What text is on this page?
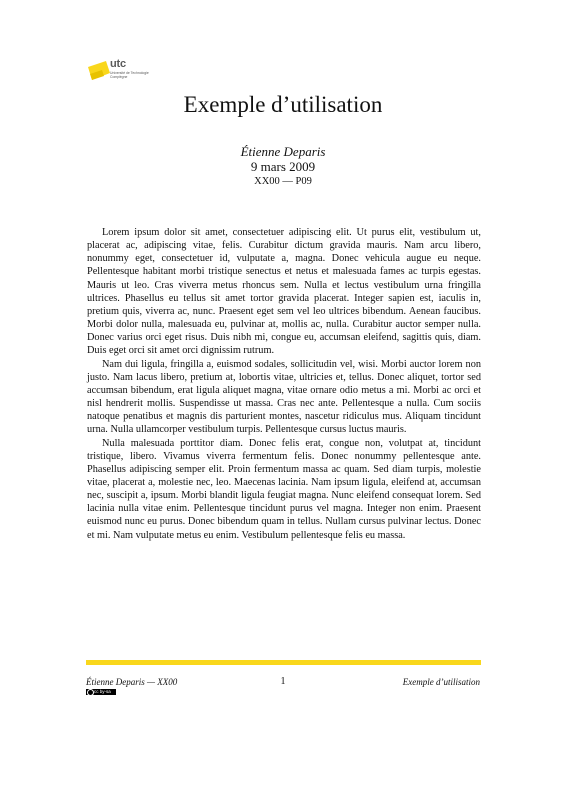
utc
Université de Technologie Compiègne
Exemple d’utilisation
Étienne Deparis
9 mars 2009
XX00 — P09

Lorem ipsum dolor sit amet, consectetuer adipiscing elit. Ut purus elit, vestibulum ut, placerat ac, adipiscing vitae, felis. Curabitur dictum gravida mauris. Nam arcu libero, nonummy eget, consectetuer id, vulputate a, magna. Donec vehicula augue eu neque. Pellentesque habitant morbi tristique senectus et netus et malesuada fames ac turpis egestas. Mauris ut leo. Cras viverra metus rhoncus sem. Nulla et lectus vestibulum urna fringilla ultrices. Phasellus eu tellus sit amet tortor gravida placerat. Integer sapien est, iaculis in, pretium quis, viverra ac, nunc. Praesent eget sem vel leo ultrices bibendum. Aenean faucibus. Morbi dolor nulla, malesuada eu, pulvinar at, mollis ac, nulla. Curabitur auctor semper nulla. Donec varius orci eget risus. Duis nibh mi, congue eu, accumsan eleifend, sagittis quis, diam. Duis eget orci sit amet orci dignissim rutrum.

Nam dui ligula, fringilla a, euismod sodales, sollicitudin vel, wisi. Morbi auctor lorem non justo. Nam lacus libero, pretium at, lobortis vitae, ultricies et, tellus. Donec aliquet, tortor sed accumsan bibendum, erat ligula aliquet magna, vitae ornare odio metus a mi. Morbi ac orci et nisl hendrerit mollis. Suspendisse ut massa. Cras nec ante. Pellentesque a nulla. Cum sociis natoque penatibus et magnis dis parturient montes, nascetur ridiculus mus. Aliquam tincidunt urna. Nulla ullamcorper vestibulum turpis. Pellentesque cursus luctus mauris.

Nulla malesuada porttitor diam. Donec felis erat, congue non, volutpat at, tincidunt tristique, libero. Vivamus viverra fermentum felis. Donec nonummy pellentesque ante. Phasellus adipiscing semper elit. Proin fermentum massa ac quam. Sed diam turpis, molestie vitae, placerat a, molestie nec, leo. Maecenas lacinia. Nam ipsum ligula, eleifend at, accumsan nec, suscipit a, ipsum. Morbi blandit ligula feugiat magna. Nunc eleifend consequat lorem. Sed lacinia nulla vitae enim. Pellentesque tincidunt purus vel magna. Integer non enim. Praesent euismod nunc eu purus. Donec bibendum quam in tellus. Nullam cursus pulvinar lectus. Donec et mi. Nam vulputate metus eu enim. Vestibulum pellentesque felis eu massa.

Étienne Deparis — XX00	1	Exemple d’utilisation
cc by-sa
